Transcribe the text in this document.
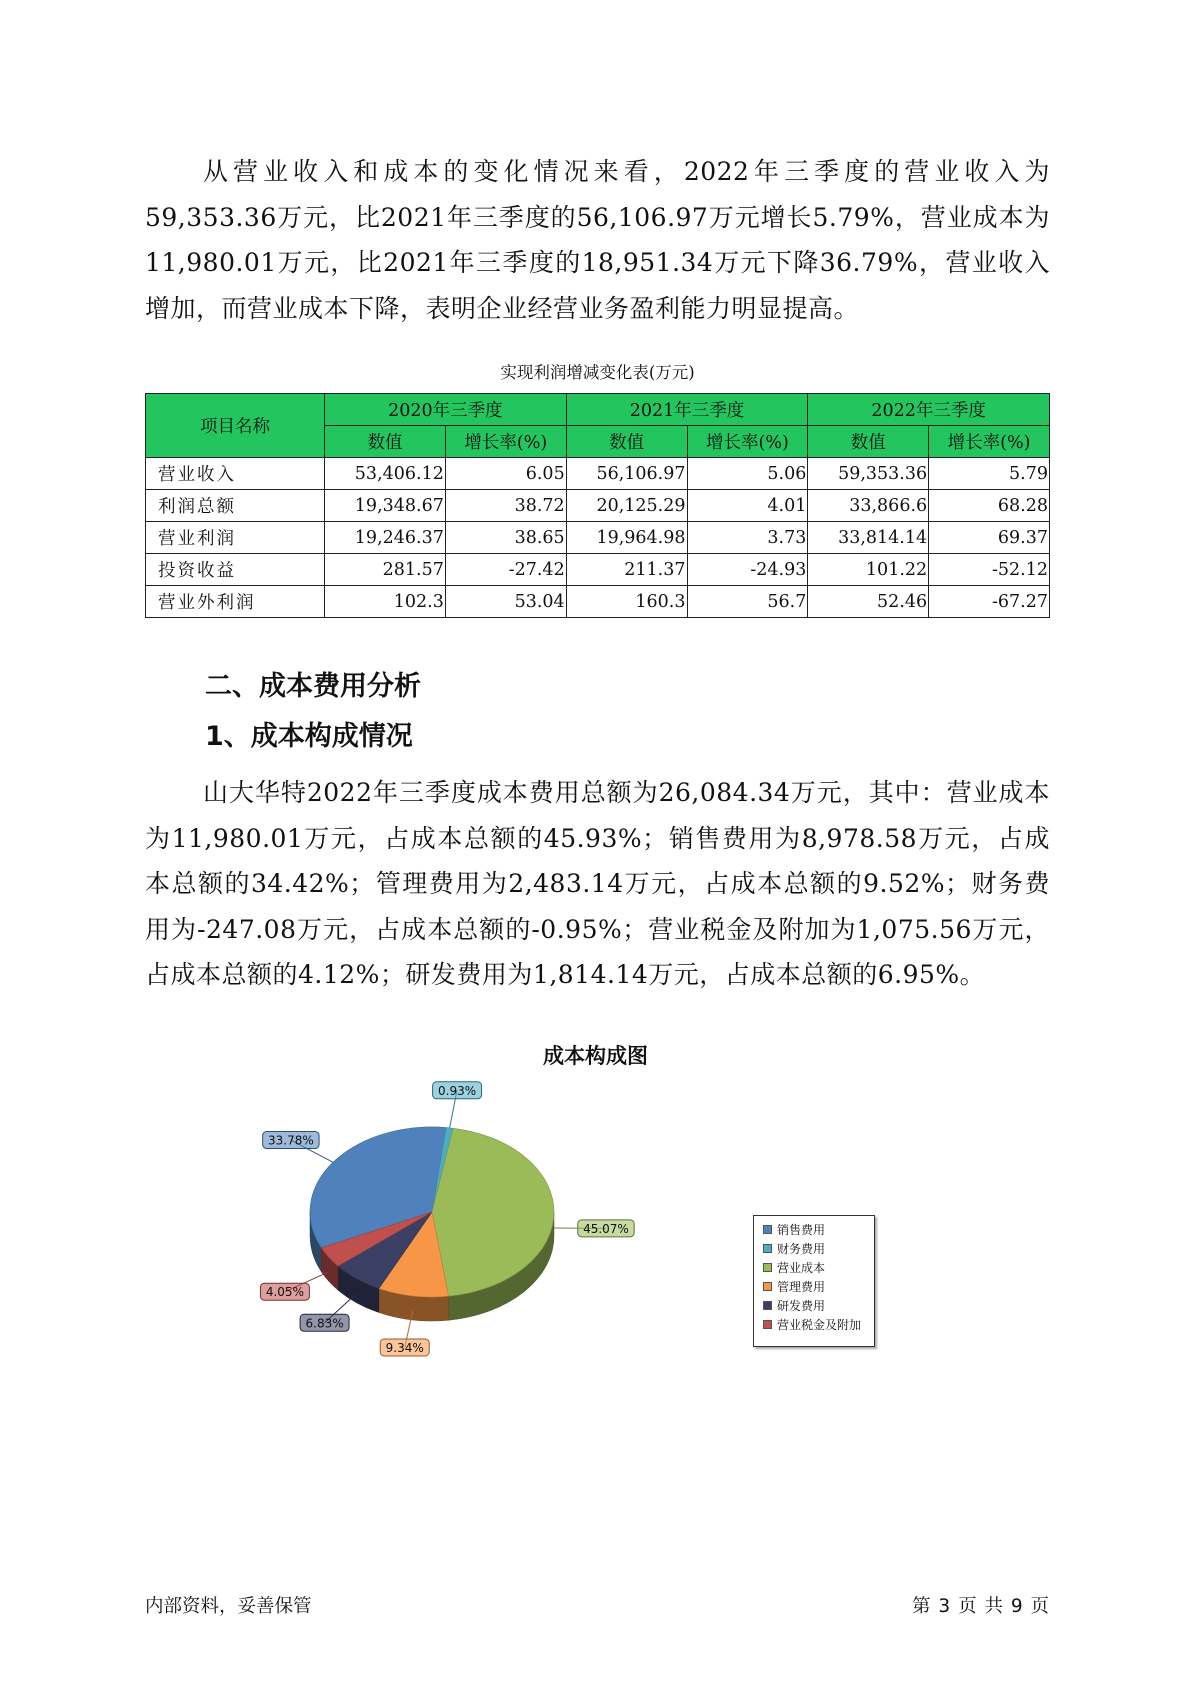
从营业收入和成本的变化情况来看，2022年三季度的营业收入为59,353.36万元，比2021年三季度的56,106.97万元增长5.79%，营业成本为11,980.01万元，比2021年三季度的18,951.34万元下降36.79%，营业收入增加，而营业成本下降，表明企业经营业务盈利能力明显提高。

实现利润增减变化表(万元)
项目名称	2020年三季度		2021年三季度		2022年三季度	
	数值	增长率(%)	数值	增长率(%)	数值	增长率(%)
营业收入	53,406.12	6.05	56,106.97	5.06	59,353.36	5.79
利润总额	19,348.67	38.72	20,125.29	4.01	33,866.6	68.28
营业利润	19,246.37	38.65	19,964.98	3.73	33,814.14	69.37
投资收益	281.57	-27.42	211.37	-24.93	101.22	-52.12
营业外利润	102.3	53.04	160.3	56.7	52.46	-67.27
二、成本费用分析
1、成本构成情况

山大华特2022年三季度成本费用总额为26,084.34万元，其中：营业成本为11,980.01万元，占成本总额的45.93%；销售费用为8,978.58万元，占成本总额的34.42%；管理费用为2,483.14万元，占成本总额的9.52%；财务费用为-247.08万元，占成本总额的-0.95%；营业税金及附加为1,075.56万元，占成本总额的4.12%；研发费用为1,814.14万元，占成本总额的6.95%。

成本构成图
33.78%
0.93%
45.07%
9.34%
6.83%
4.05%
销售费用
财务费用
营业成本
管理费用
研发费用
营业税金及附加
内部资料，妥善保管	第 3 页 共 9 页
